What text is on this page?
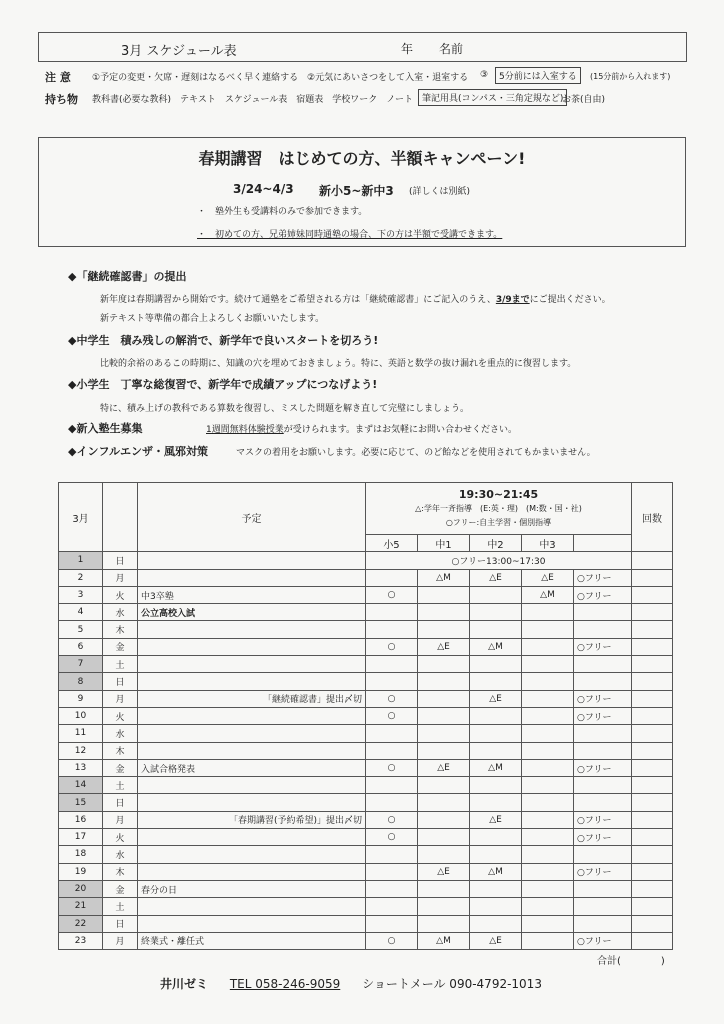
3月 スケジュール表	年 名前
注 意 ①予定の変更・欠席・遅刻はなるべく早く連絡する ②元気にあいさつをして入室・退室する ③	5分前には入室する	(15分前から入れます)
持ち物 教科書(必要な教科)　テキスト　スケジュール表　宿題表　学校ワーク　ノート 筆記用具(コンパス・三角定規など)
お茶(自由)
春期講習　はじめての方、半額キャンペーン!
3/24~4/3 新小5~新中3 (詳しくは別紙)
・　塾外生も受講料のみで参加できます。
・　初めての方、兄弟姉妹同時通塾の場合、下の方は半額で受講できます。
◆「継続確認書」の提出
新年度は春期講習から開始です。続けて通塾をご希望される方は「継続確認書」にご記入のうえ、3/9までにご提出ください。
新テキスト等準備の都合上よろしくお願いいたします。
◆中学生　積み残しの解消で、新学年で良いスタートを切ろう!
比較的余裕のあるこの時期に、知識の穴を埋めておきましょう。特に、英語と数学の抜け漏れを重点的に復習します。
◆小学生　丁寧な総復習で、新学年で成績アップにつなげよう!
特に、積み上げの教科である算数を復習し、ミスした問題を解き直して完璧にしましょう。
◆新入塾生募集	1週間無料体験授業が受けられます。まずはお気軽にお問い合わせください。
◆インフルエンザ・風邪対策	マスクの着用をお願いします。必要に応じて、のど飴などを使用されてもかまいません。
3月		予定	19:30~21:45
△:学年一斉指導　(E:英・理)　(M:数・国・社)
○フリー:自主学習・個別指導					回数
			小5	中1	中2	中3		
1	日		○フリー13:00~17:30					
2	月			△M	△E	△E	○フリー	
3	火	中3卒塾	○			△M	○フリー	
4	水	公立高校入試						
5	木							
6	金		○	△E	△M		○フリー	
7	土							
8	日							
9	月	「継続確認書」提出〆切	○		△E		○フリー	
10	火		○				○フリー	
11	水							
12	木							
13	金	入試合格発表	○	△E	△M		○フリー	
14	土							
15	日							
16	月	「春期講習(予約希望)」提出〆切	○		△E		○フリー	
17	火		○				○フリー	
18	水							
19	木			△E	△M		○フリー	
20	金	春分の日						
21	土							
22	日							
23	月	終業式・離任式	○	△M	△E		○フリー	
合計(　　　　)
井川ゼミ TEL 058-246-9059 ショートメール 090-4792-1013
